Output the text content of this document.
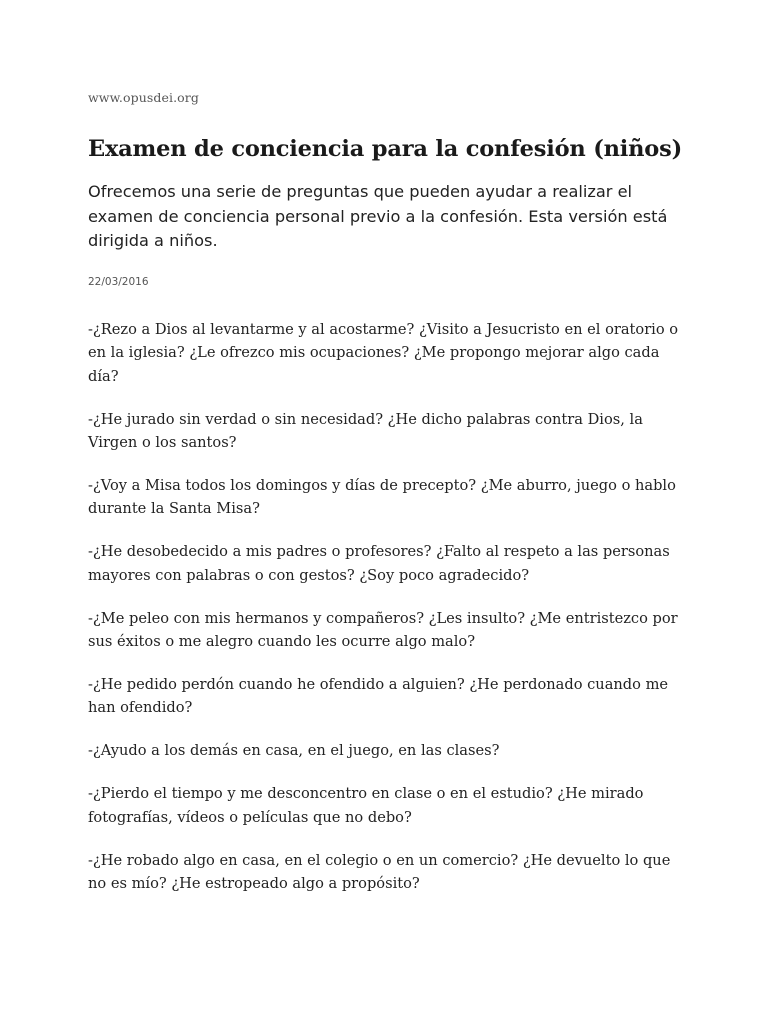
www.opusdei.org
Examen de conciencia para la confesión (niños)

Ofrecemos una serie de preguntas que pueden ayudar a realizar el examen de conciencia personal previo a la confesión. Esta versión está dirigida a niños.

22/03/2016
-¿Rezo a Dios al levantarme y al acostarme? ¿Visito a Jesucristo en el oratorio o en la iglesia? ¿Le ofrezco mis ocupaciones? ¿Me propongo mejorar algo cada día?
-¿He jurado sin verdad o sin necesidad? ¿He dicho palabras contra Dios, la Virgen o los santos?
-¿Voy a Misa todos los domingos y días de precepto? ¿Me aburro, juego o hablo durante la Santa Misa?
-¿He desobedecido a mis padres o profesores? ¿Falto al respeto a las personas mayores con palabras o con gestos? ¿Soy poco agradecido?
-¿Me peleo con mis hermanos y compañeros? ¿Les insulto? ¿Me entristezco por sus éxitos o me alegro cuando les ocurre algo malo?
-¿He pedido perdón cuando he ofendido a alguien? ¿He perdonado cuando me han ofendido?
-¿Ayudo a los demás en casa, en el juego, en las clases?
-¿Pierdo el tiempo y me desconcentro en clase o en el estudio? ¿He mirado fotografías, vídeos o películas que no debo?
-¿He robado algo en casa, en el colegio o en un comercio? ¿He devuelto lo que no es mío? ¿He estropeado algo a propósito?
